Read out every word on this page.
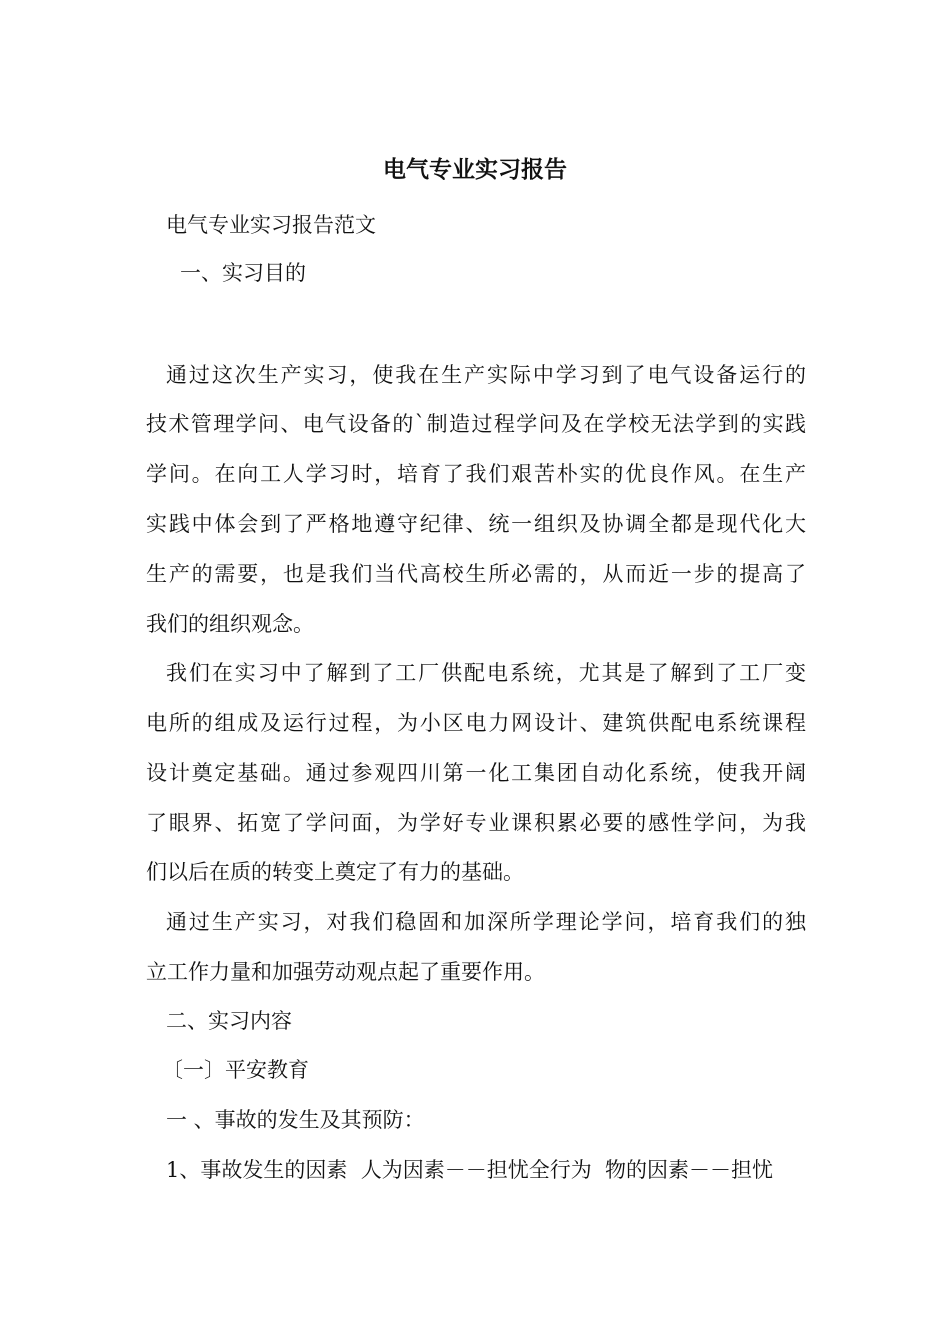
电气专业实习报告

电气专业实习报告范文

一、实习目的

通过这次生产实习，使我在生产实际中学习到了电气设备运行的

技术管理学问、电气设备的`制造过程学问及在学校无法学到的实践

学问。在向工人学习时，培育了我们艰苦朴实的优良作风。在生产

实践中体会到了严格地遵守纪律、统一组织及协调全都是现代化大

生产的需要，也是我们当代高校生所必需的，从而近一步的提高了

我们的组织观念。

我们在实习中了解到了工厂供配电系统，尤其是了解到了工厂变

电所的组成及运行过程，为小区电力网设计、建筑供配电系统课程

设计奠定基础。通过参观四川第一化工集团自动化系统，使我开阔

了眼界、拓宽了学问面，为学好专业课积累必要的感性学问，为我

们以后在质的转变上奠定了有力的基础。

通过生产实习，对我们稳固和加深所学理论学问，培育我们的独

立工作力量和加强劳动观点起了重要作用。

二、实习内容

〔一〕平安教育

一 、事故的发生及其预防：

1、事故发生的因素  人为因素－－担忧全行为  物的因素－－担忧
